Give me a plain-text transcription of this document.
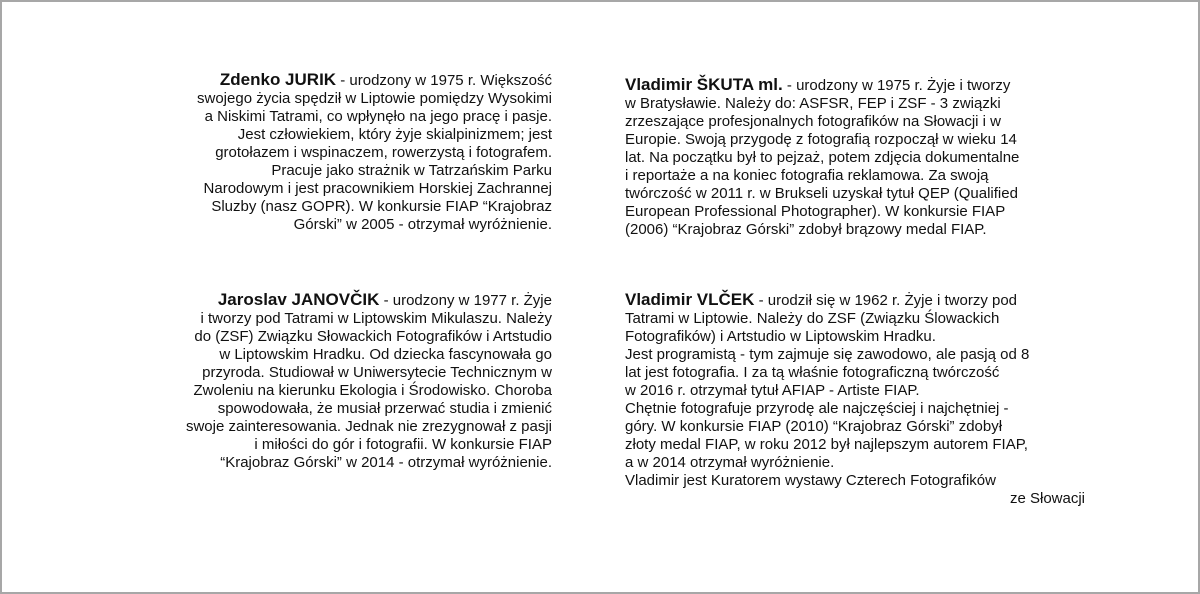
Zdenko JURIK - urodzony w 1975 r. Większość
swojego życia spędził w Liptowie pomiędzy Wysokimi
a Niskimi Tatrami, co wpłynęło na jego pracę i pasje.
Jest człowiekiem, który żyje skialpinizmem; jest
grotołazem i wspinaczem, rowerzystą i fotografem.
Pracuje jako strażnik w Tatrzańskim Parku
Narodowym i jest pracownikiem Horskiej Zachrannej
Sluzby (nasz GOPR). W konkursie FIAP “Krajobraz
Górski” w 2005 - otrzymał wyróżnienie.
Jaroslav JANOVČIK - urodzony w 1977 r. Żyje
i tworzy pod Tatrami w Liptowskim Mikulaszu. Należy
do (ZSF) Związku Słowackich Fotografików i Artstudio
w Liptowskim Hradku. Od dziecka fascynowała go
przyroda. Studiował w Uniwersytecie Technicznym w
Zwoleniu na kierunku Ekologia i Środowisko. Choroba
spowodowała, że musiał przerwać studia i zmienić
swoje zainteresowania. Jednak nie zrezygnował z pasji
i miłości do gór i fotografii. W konkursie FIAP
“Krajobraz Górski” w 2014 - otrzymał wyróżnienie.
Vladimir ŠKUTA ml. - urodzony w 1975 r. Żyje i tworzy
w Bratysławie. Należy do: ASFSR, FEP i ZSF - 3 związki
zrzeszające profesjonalnych fotografików na Słowacji i w
Europie. Swoją przygodę z fotografią rozpoczął w wieku 14
lat. Na początku był to pejzaż, potem zdjęcia dokumentalne
i reportaże a na koniec fotografia reklamowa. Za swoją
twórczość w 2011 r. w Brukseli uzyskał tytuł QEP (Qualified
European Professional Photographer). W konkursie FIAP
(2006) “Krajobraz Górski” zdobył brązowy medal FIAP.
Vladimir VLČEK - urodził się w 1962 r. Żyje i tworzy pod
Tatrami w Liptowie. Należy do ZSF (Związku Ślowackich
Fotografików) i Artstudio w Liptowskim Hradku.
Jest programistą - tym zajmuje się zawodowo, ale pasją od 8
lat jest fotografia. I za tą właśnie fotograficzną twórczość
w 2016 r. otrzymał tytuł AFIAP - Artiste FIAP.
Chętnie fotografuje przyrodę ale najczęściej i najchętniej -
góry. W konkursie FIAP (2010) “Krajobraz Górski” zdobył
złoty medal FIAP, w roku 2012 był najlepszym autorem FIAP,
a w 2014 otrzymał wyróżnienie.
Vladimir jest Kuratorem wystawy Czterech Fotografików
ze Słowacji
